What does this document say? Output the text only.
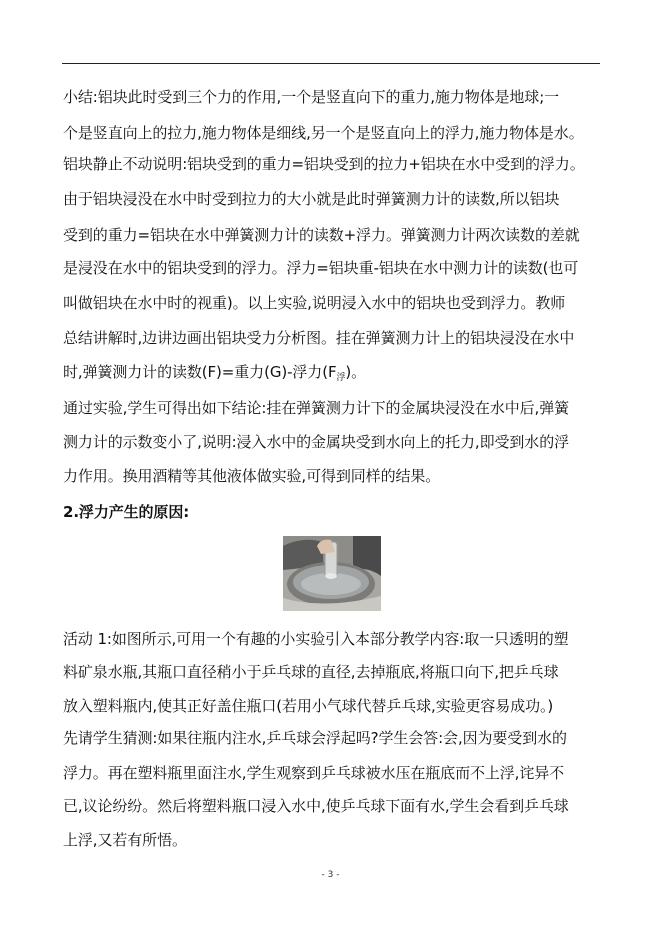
小结:铝块此时受到三个力的作用,一个是竖直向下的重力,施力物体是地球;一
个是竖直向上的拉力,施力物体是细线,另一个是竖直向上的浮力,施力物体是水。
铝块静止不动说明:铝块受到的重力=铝块受到的拉力+铝块在水中受到的浮力。
由于铝块浸没在水中时受到拉力的大小就是此时弹簧测力计的读数,所以铝块
受到的重力=铝块在水中弹簧测力计的读数+浮力。弹簧测力计两次读数的差就
是浸没在水中的铝块受到的浮力。浮力=铝块重-铝块在水中测力计的读数(也可
叫做铝块在水中时的视重)。以上实验,说明浸入水中的铝块也受到浮力。教师
总结讲解时,边讲边画出铝块受力分析图。挂在弹簧测力计上的铝块浸没在水中
时,弹簧测力计的读数(F)=重力(G)-浮力$(F_浮)$。
通过实验,学生可得出如下结论:挂在弹簧测力计下的金属块浸没在水中后,弹簧
测力计的示数变小了,说明:浸入水中的金属块受到水向上的托力,即受到水的浮
力作用。换用酒精等其他液体做实验,可得到同样的结果。
2.浮力产生的原因:
活动 1:如图所示,可用一个有趣的小实验引入本部分教学内容:取一只透明的塑
料矿泉水瓶,其瓶口直径稍小于乒乓球的直径,去掉瓶底,将瓶口向下,把乒乓球
放入塑料瓶内,使其正好盖住瓶口(若用小气球代替乒乓球,实验更容易成功。)
先请学生猜测:如果往瓶内注水,乒乓球会浮起吗?学生会答:会,因为要受到水的
浮力。再在塑料瓶里面注水,学生观察到乒乓球被水压在瓶底而不上浮,诧异不
已,议论纷纷。然后将塑料瓶口浸入水中,使乒乓球下面有水,学生会看到乒乓球
上浮,又若有所悟。
- 3 -
